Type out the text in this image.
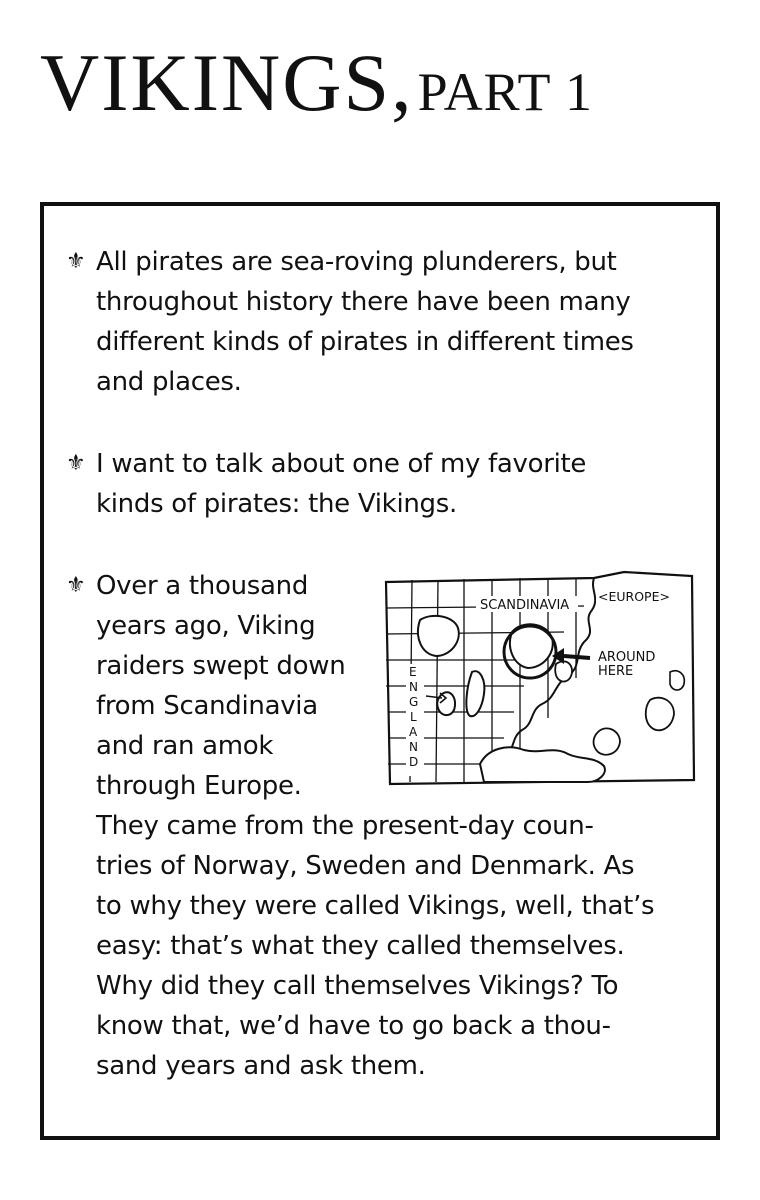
VIKINGS, PART 1
⚜ All pirates are sea-roving plunderers, but
throughout history there have been many
different kinds of pirates in different times
and places.
⚜ I want to talk about one of my favorite
kinds of pirates: the Vikings.
⚜ Over a thousand
years ago, Viking
raiders swept down
from Scandinavia
and ran amok
through Europe.
They came from the present-day coun-
tries of Norway, Sweden and Denmark. As
to why they were called Vikings, well, that’s
easy: that’s what they called themselves.
Why did they call themselves Vikings? To
know that, we’d have to go back a thou-
sand years and ask them.
SCANDINAVIA
<EUROPE>
AROUND
HERE
E
N
G
L
A
N
D
